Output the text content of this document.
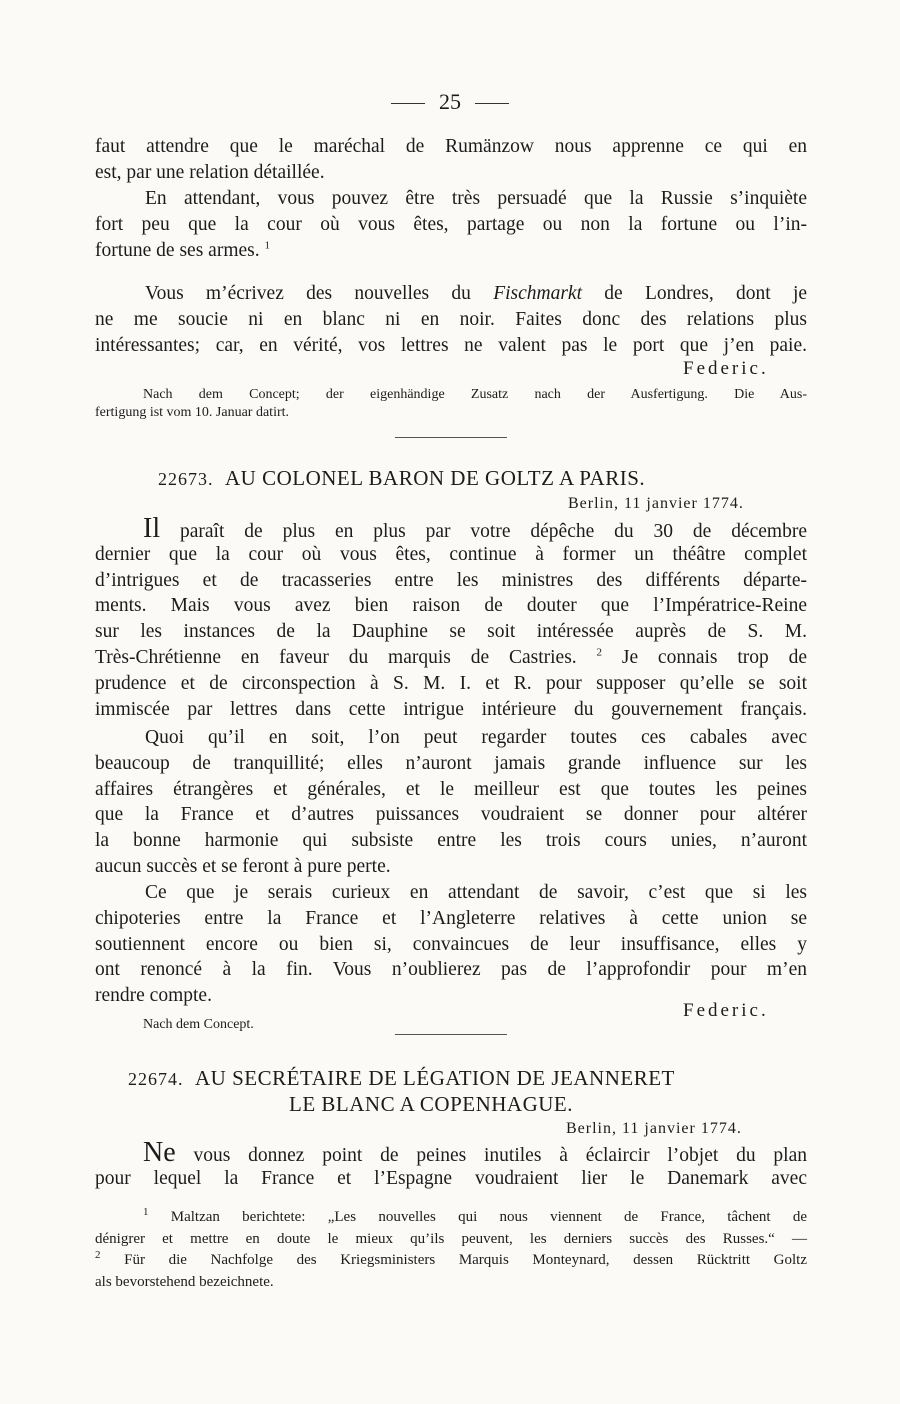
25
faut attendre que le maréchal de Rumänzow nous apprenne ce qui en
est, par une relation détaillée.
En attendant, vous pouvez être très persuadé que la Russie s’inquiète
fort peu que la cour où vous êtes, partage ou non la fortune ou l’in-
fortune de ses armes. $^1$
Vous m’écrivez des nouvelles du Fischmarkt de Londres, dont je
ne me soucie ni en blanc ni en noir. Faites donc des relations plus
intéressantes; car, en vérité, vos lettres ne valent pas le port que j’en paie.
Federic.
Nach dem Concept; der eigenhändige Zusatz nach der Ausfertigung. Die Aus-
fertigung ist vom 10. Januar datirt.
22673. AU COLONEL BARON DE GOLTZ A PARIS.
Berlin, 11 janvier 1774.
Il paraît de plus en plus par votre dépêche du 30 de décembre
dernier que la cour où vous êtes, continue à former un théâtre complet
d’intrigues et de tracasseries entre les ministres des différents départe-
ments. Mais vous avez bien raison de douter que l’Impératrice-Reine
sur les instances de la Dauphine se soit intéressée auprès de S. M.
Très-Chrétienne en faveur du marquis de Castries. $^2$ Je connais trop de
prudence et de circonspection à S. M. I. et R. pour supposer qu’elle se soit
immiscée par lettres dans cette intrigue intérieure du gouvernement français.
Quoi qu’il en soit, l’on peut regarder toutes ces cabales avec
beaucoup de tranquillité; elles n’auront jamais grande influence sur les
affaires étrangères et générales, et le meilleur est que toutes les peines
que la France et d’autres puissances voudraient se donner pour altérer
la bonne harmonie qui subsiste entre les trois cours unies, n’auront
aucun succès et se feront à pure perte.
Ce que je serais curieux en attendant de savoir, c’est que si les
chipoteries entre la France et l’Angleterre relatives à cette union se
soutiennent encore ou bien si, convaincues de leur insuffisance, elles y
ont renoncé à la fin. Vous n’oublierez pas de l’approfondir pour m’en
rendre compte.
Federic.
Nach dem Concept.
22674. AU SECRÉTAIRE DE LÉGATION DE JEANNERET
LE BLANC A COPENHAGUE.
Berlin, 11 janvier 1774.
Ne vous donnez point de peines inutiles à éclaircir l’objet du plan
pour lequel la France et l’Espagne voudraient lier le Danemark avec
$^1$ Maltzan berichtete: „Les nouvelles qui nous viennent de France, tâchent de
dénigrer et mettre en doute le mieux qu’ils peuvent, les derniers succès des Russes.“ —
$^2$ Für die Nachfolge des Kriegsministers Marquis Monteynard, dessen Rücktritt Goltz
als bevorstehend bezeichnete.
